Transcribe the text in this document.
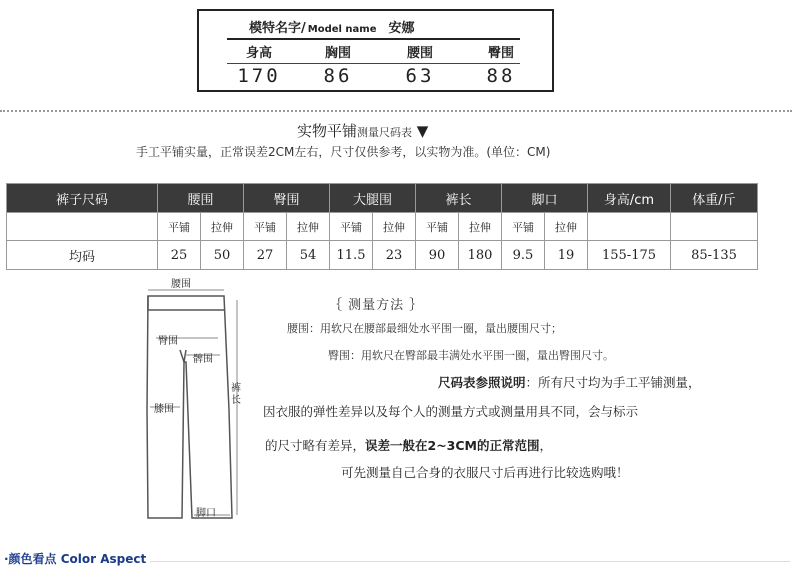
模特名字/ Model name 安娜
身高	胸围	腰围	臀围
170	86	63	88
实物平铺测量尺码表 ▼
手工平铺实量，正常误差2CM左右，尺寸仅供参考，以实物为准。(单位：CM)
裤子尺码	腰围		臀围		大腿围		裤长		脚口		身高/cm	体重/斤
	平铺	拉伸	平铺	拉伸	平铺	拉伸	平铺	拉伸	平铺	拉伸		
均码	25	50	27	54	11.5	23	90	180	9.5	19	155-175	85-135
腰围
臀围
髀围
膝围
裤长
脚口
｛ 测量方法 ｝
腰围：用软尺在腰部最细处水平围一圈，量出腰围尺寸；
臀围：用软尺在臀部最丰满处水平围一圈，量出臀围尺寸。
尺码表参照说明：所有尺寸均为手工平铺测量，
因衣服的弹性差异以及每个人的测量方式或测量用具不同，会与标示
的尺寸略有差异，误差一般在2~3CM的正常范围，
可先测量自己合身的衣服尺寸后再进行比较选购哦！
·颜色看点 Color Aspect
